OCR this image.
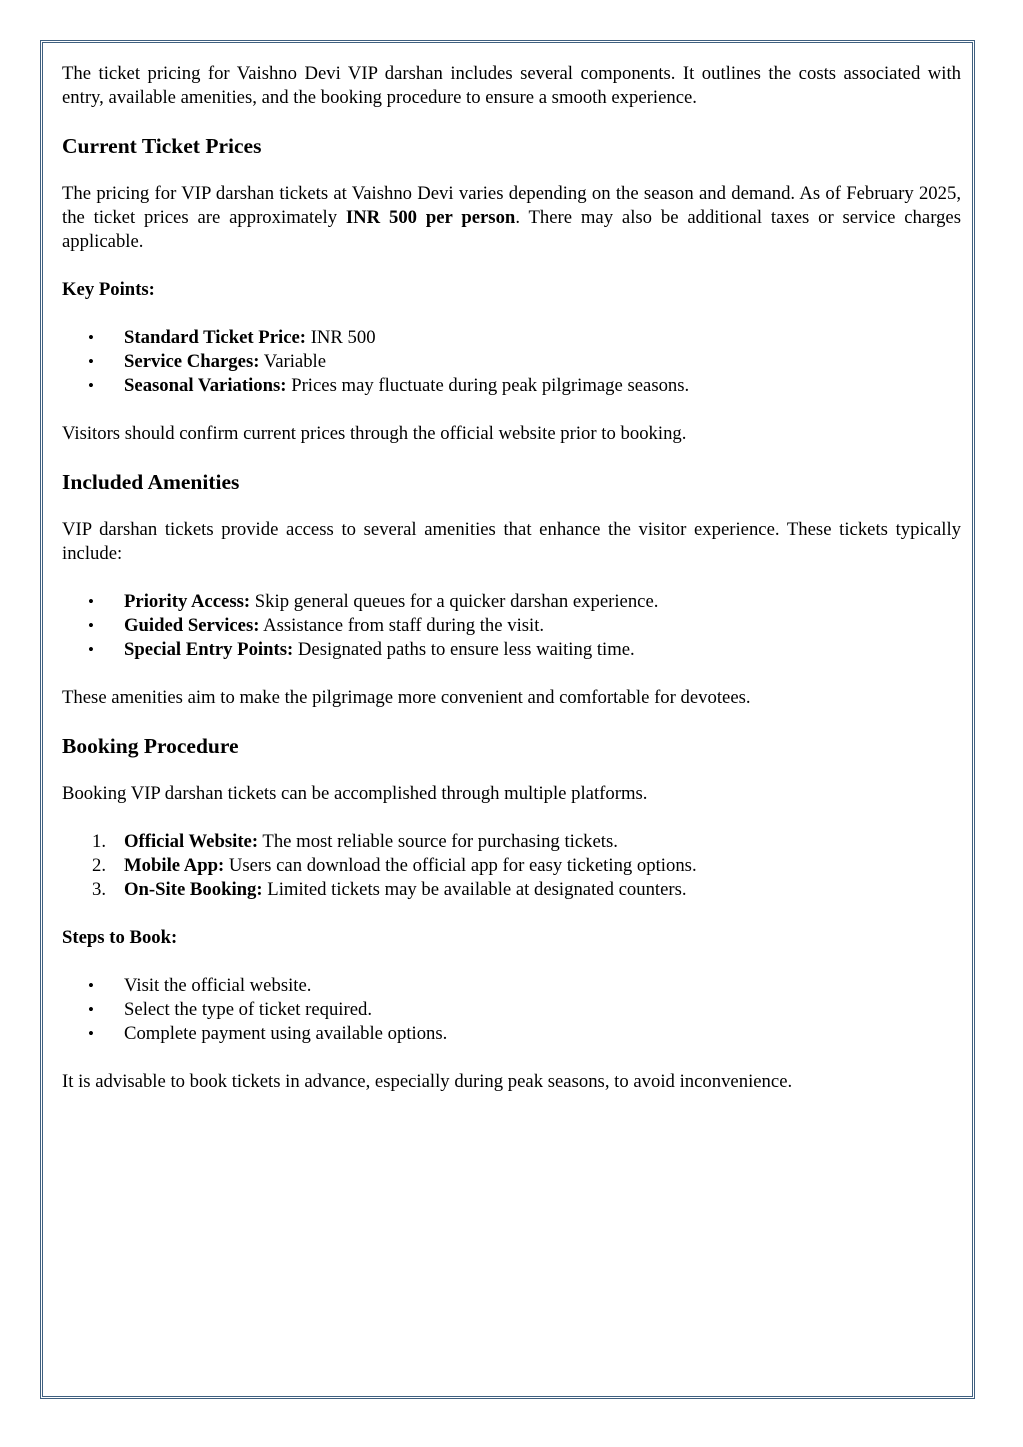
The ticket pricing for Vaishno Devi VIP darshan includes several components. It outlines the costs associated with entry, available amenities, and the booking procedure to ensure a smooth experience.

Current Ticket Prices

The pricing for VIP darshan tickets at Vaishno Devi varies depending on the season and demand. As of February 2025, the ticket prices are approximately INR 500 per person. There may also be additional taxes or service charges applicable.

Key Points:

• Standard Ticket Price: INR 500
• Service Charges: Variable
• Seasonal Variations: Prices may fluctuate during peak pilgrimage seasons.

Visitors should confirm current prices through the official website prior to booking.

Included Amenities

VIP darshan tickets provide access to several amenities that enhance the visitor experience. These tickets typically include:

• Priority Access: Skip general queues for a quicker darshan experience.
• Guided Services: Assistance from staff during the visit.
• Special Entry Points: Designated paths to ensure less waiting time.

These amenities aim to make the pilgrimage more convenient and comfortable for devotees.

Booking Procedure

Booking VIP darshan tickets can be accomplished through multiple platforms.

1. Official Website: The most reliable source for purchasing tickets.
2. Mobile App: Users can download the official app for easy ticketing options.
3. On-Site Booking: Limited tickets may be available at designated counters.

Steps to Book:

• Visit the official website.
• Select the type of ticket required.
• Complete payment using available options.

It is advisable to book tickets in advance, especially during peak seasons, to avoid inconvenience.
